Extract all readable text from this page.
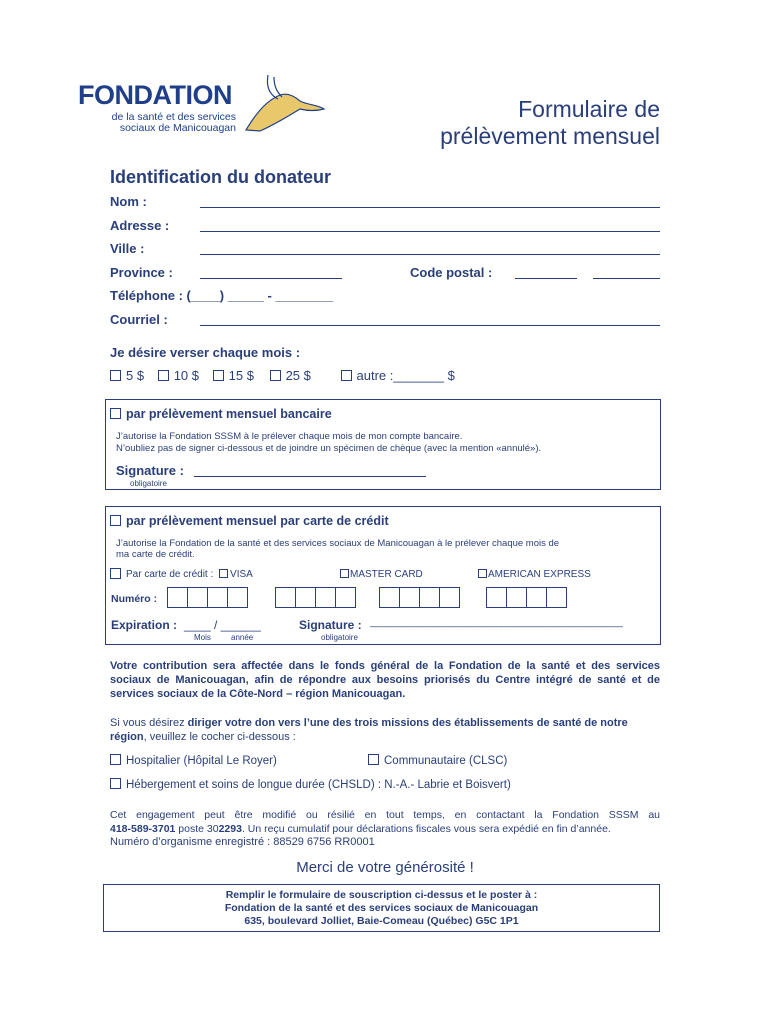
FONDATION
de la santé et des services
sociaux de Manicouagan
Formulaire de
prélèvement mensuel
Identification du donateur
Nom :
Adresse :
Ville :
Province :	Code postal :
Téléphone : (____) _____ - ________
Courriel :
Je désire verser chaque mois :
5 $ 10 $ 15 $ 25 $	autre :_______ $
par prélèvement mensuel bancaire
J’autorise la Fondation SSSM à le prélever chaque mois de mon compte bancaire.
N’oubliez pas de signer ci-dessous et de joindre un spécimen de chèque (avec la mention «annulé»).
Signature :
obligatoire
par prélèvement mensuel par carte de crédit
J’autorise la Fondation de la santé et des services sociaux de Manicouagan à le prélever chaque mois de
ma carte de crédit.
Par carte de crédit : VISA	MASTER CARD	AMERICAN EXPRESS
Numéro :
Expiration : ____ / ______
Mois	année
Signature : ________________________________________________
obligatoire
Votre contribution sera affectée dans le fonds général de la Fondation de la santé et des services sociaux de Manicouagan, afin de répondre aux besoins priorisés du Centre intégré de santé et de services sociaux de la Côte-Nord – région Manicouagan.
Si vous désirez diriger votre don vers l’une des trois missions des établissements de santé de notre région, veuillez le cocher ci-dessous :
Hospitalier (Hôpital Le Royer)	Communautaire (CLSC)
Hébergement et soins de longue durée (CHSLD) : N.-A.- Labrie et Boisvert)
Cet engagement peut être modifié ou résilié en tout temps, en contactant la Fondation SSSM au
418-589-3701 poste 302293. Un reçu cumulatif pour déclarations fiscales vous sera expédié en fin d’année.
Numéro d’organisme enregistré : 88529 6756 RR0001
Merci de votre générosité !
Remplir le formulaire de souscription ci-dessus et le poster à :
Fondation de la santé et des services sociaux de Manicouagan
635, boulevard Jolliet, Baie-Comeau (Québec) G5C 1P1
